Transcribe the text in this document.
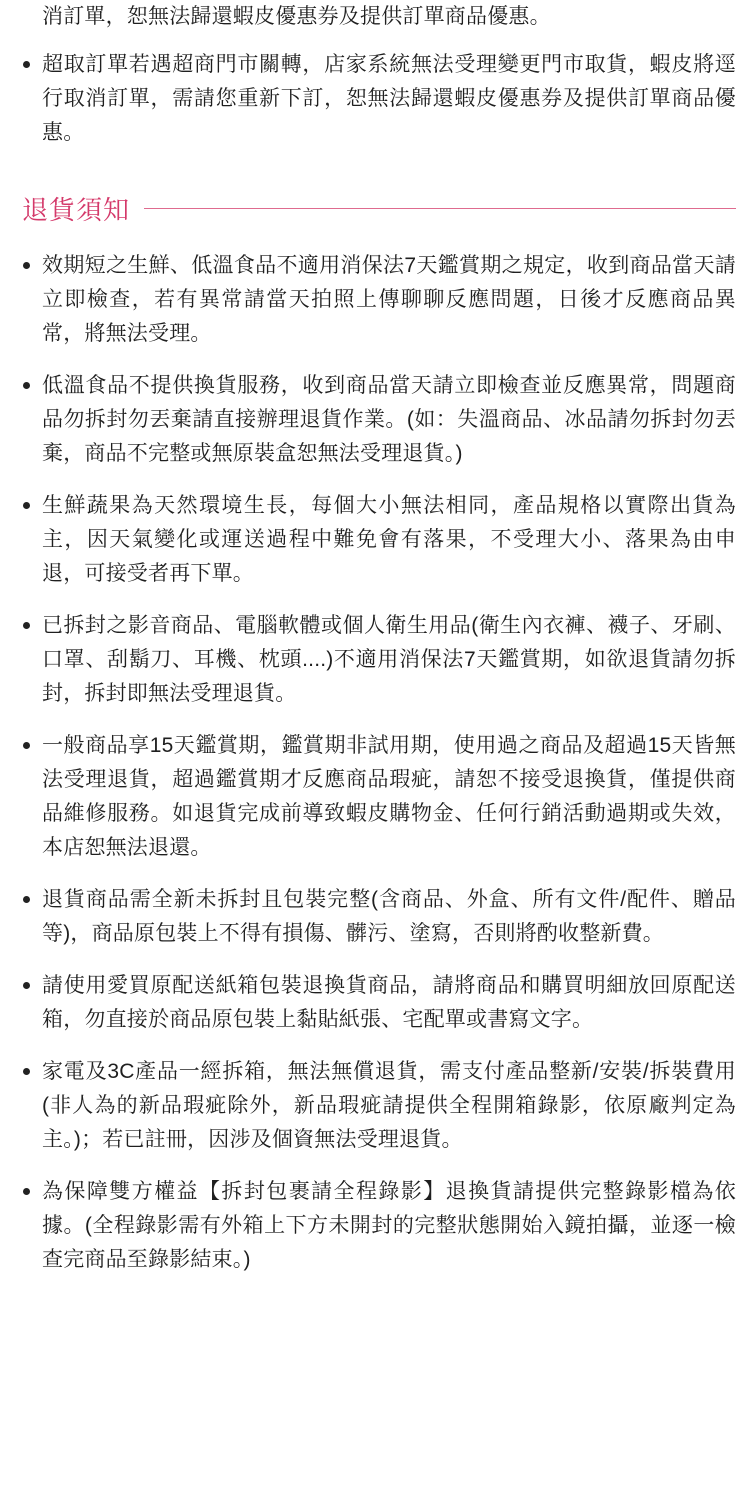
消訂單，恕無法歸還蝦皮優惠券及提供訂單商品優惠。

超取訂單若遇超商門市關轉，店家系統無法受理變更門市取貨，蝦皮將逕行取消訂單，需請您重新下訂，恕無法歸還蝦皮優惠券及提供訂單商品優惠。
退貨須知
效期短之生鮮、低溫食品不適用消保法7天鑑賞期之規定，收到商品當天請立即檢查，若有異常請當天拍照上傳聊聊反應問題，日後才反應商品異常，將無法受理。
低溫食品不提供換貨服務，收到商品當天請立即檢查並反應異常，問題商品勿拆封勿丟棄請直接辦理退貨作業。(如：失溫商品、冰品請勿拆封勿丟棄，商品不完整或無原裝盒恕無法受理退貨。)
生鮮蔬果為天然環境生長，每個大小無法相同，產品規格以實際出貨為主，因天氣變化或運送過程中難免會有落果，不受理大小、落果為由申退，可接受者再下單。
已拆封之影音商品、電腦軟體或個人衛生用品(衛生內衣褲、襪子、牙刷、口罩、刮鬍刀、耳機、枕頭....)不適用消保法7天鑑賞期，如欲退貨請勿拆封，拆封即無法受理退貨。
一般商品享15天鑑賞期，鑑賞期非試用期，使用過之商品及超過15天皆無法受理退貨，超過鑑賞期才反應商品瑕疵，請恕不接受退換貨，僅提供商品維修服務。如退貨完成前導致蝦皮購物金、任何行銷活動過期或失效，本店恕無法退還。
退貨商品需全新未拆封且包裝完整(含商品、外盒、所有文件/配件、贈品等)，商品原包裝上不得有損傷、髒污、塗寫，否則將酌收整新費。
請使用愛買原配送紙箱包裝退換貨商品，請將商品和購買明細放回原配送箱，勿直接於商品原包裝上黏貼紙張、宅配單或書寫文字。
家電及3C產品一經拆箱，無法無償退貨，需支付產品整新/安裝/拆裝費用(非人為的新品瑕疵除外，新品瑕疵請提供全程開箱錄影，依原廠判定為主。)；若已註冊，因涉及個資無法受理退貨。
為保障雙方權益【拆封包裹請全程錄影】退換貨請提供完整錄影檔為依據。(全程錄影需有外箱上下方未開封的完整狀態開始入鏡拍攝，並逐一檢查完商品至錄影結束。)
